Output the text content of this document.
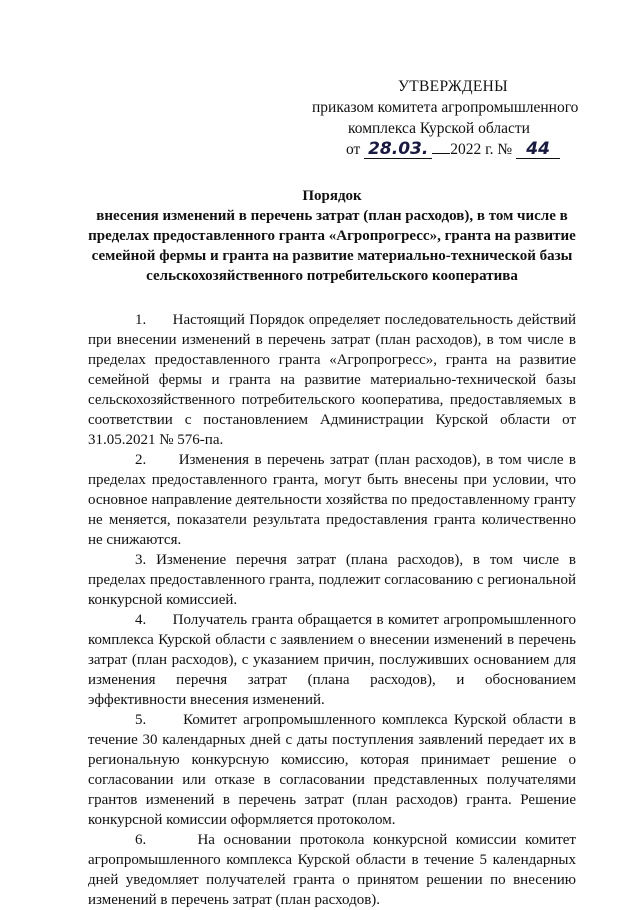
УТВЕРЖДЕНЫ
приказом комитета агропромышленного
комплекса Курской области
от 28.03. 2022 г. № 44
Порядок
внесения изменений в перечень затрат (план расходов), в том числе в пределах предоставленного гранта «Агропрогресс», гранта на развитие семейной фермы и гранта на развитие материально-технической базы сельскохозяйственного потребительского кооператива

1.      Настоящий Порядок определяет последовательность действий при внесении изменений в перечень затрат (план расходов), в том числе в пределах предоставленного гранта «Агропрогресс», гранта на развитие семейной фермы и гранта на развитие материально-технической базы сельскохозяйственного потребительского кооператива, предоставляемых в соответствии с постановлением Администрации Курской области от 31.05.2021 № 576-па.

2.      Изменения в перечень затрат (план расходов), в том числе в пределах предоставленного гранта, могут быть внесены при условии, что основное направление деятельности хозяйства по предоставленному гранту не меняется, показатели результата предоставления гранта количественно не снижаются.

3. Изменение перечня затрат (плана расходов), в том числе в пределах предоставленного гранта, подлежит согласованию с региональной конкурсной комиссией.

4.      Получатель гранта обращается в комитет агропромышленного комплекса Курской области с заявлением о внесении изменений в перечень затрат (план расходов), с указанием причин, послуживших основанием для изменения перечня затрат (плана расходов), и обоснованием эффективности внесения изменений.

5.      Комитет агропромышленного комплекса Курской области в течение 30 календарных дней с даты поступления заявлений передает их в региональную конкурсную комиссию, которая принимает решение о согласовании или отказе в согласовании представленных получателями грантов изменений в перечень затрат (план расходов) гранта. Решение конкурсной комиссии оформляется протоколом.

6.      На основании протокола конкурсной комиссии комитет агропромышленного комплекса Курской области в течение 5 календарных дней уведомляет получателей гранта о принятом решении по внесению изменений в перечень затрат (план расходов).
